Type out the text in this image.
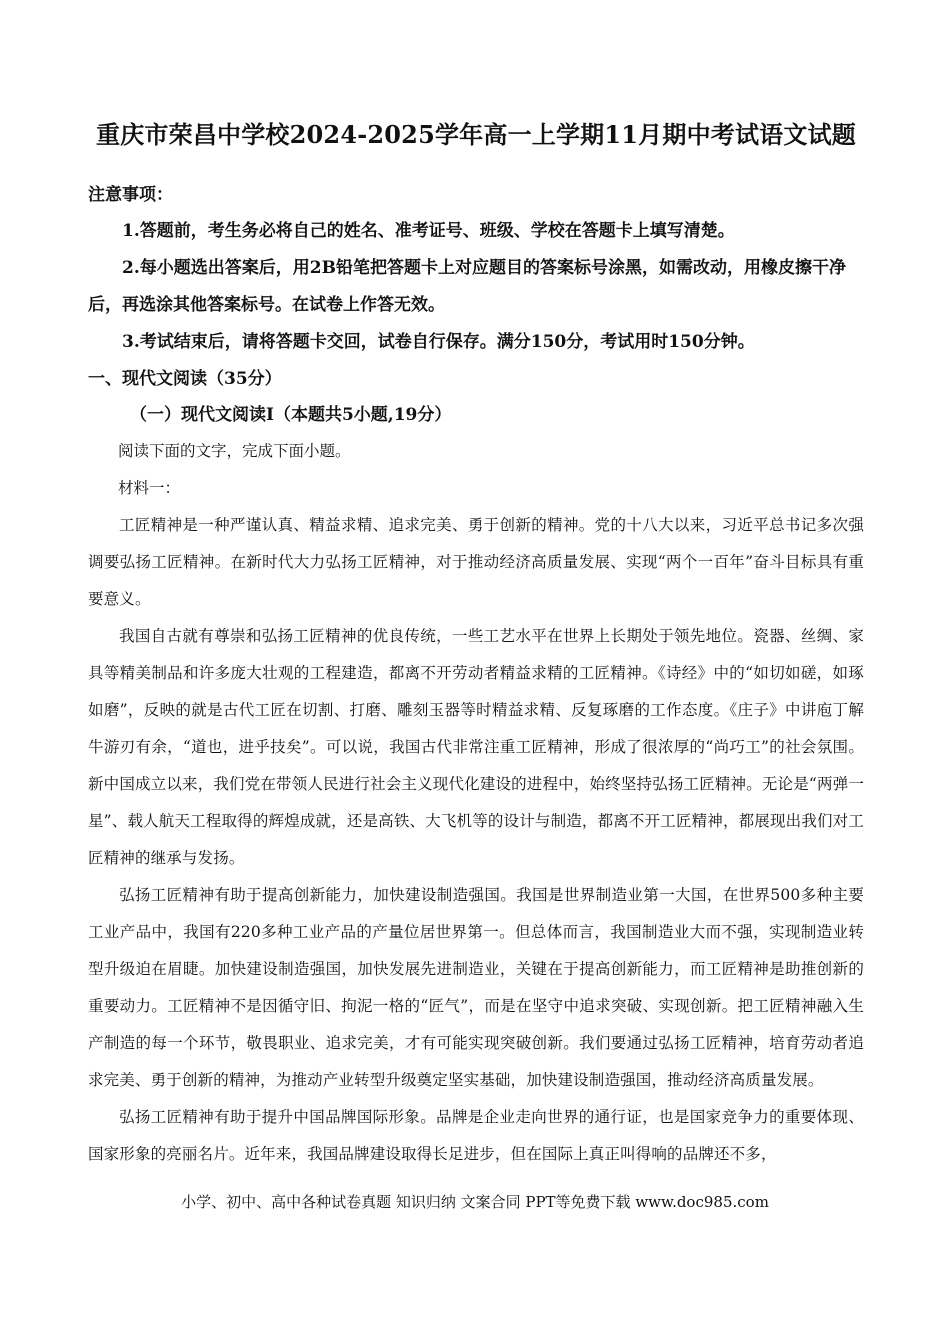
重庆市荣昌中学校2024-2025学年高一上学期11月期中考试语文试题

注意事项：

1.答题前，考生务必将自己的姓名、准考证号、班级、学校在答题卡上填写清楚。

2.每小题选出答案后，用2B铅笔把答题卡上对应题目的答案标号涂黑，如需改动，用橡皮擦干净后，再选涂其他答案标号。在试卷上作答无效。

3.考试结束后，请将答题卡交回，试卷自行保存。满分150分，考试用时150分钟。

一、现代文阅读（35分）

（一）现代文阅读Ⅰ（本题共5小题,19分）

阅读下面的文字，完成下面小题。

材料一：

工匠精神是一种严谨认真、精益求精、追求完美、勇于创新的精神。党的十八大以来，习近平总书记多次强调要弘扬工匠精神。在新时代大力弘扬工匠精神，对于推动经济高质量发展、实现“两个一百年”奋斗目标具有重要意义。

我国自古就有尊崇和弘扬工匠精神的优良传统，一些工艺水平在世界上长期处于领先地位。瓷器、丝绸、家具等精美制品和许多庞大壮观的工程建造，都离不开劳动者精益求精的工匠精神。《诗经》中的“如切如磋，如琢如磨”，反映的就是古代工匠在切割、打磨、雕刻玉器等时精益求精、反复琢磨的工作态度。《庄子》中讲庖丁解牛游刃有余，“道也，进乎技矣”。可以说，我国古代非常注重工匠精神，形成了很浓厚的“尚巧工”的社会氛围。新中国成立以来，我们党在带领人民进行社会主义现代化建设的进程中，始终坚持弘扬工匠精神。无论是“两弹一星”、载人航天工程取得的辉煌成就，还是高铁、大飞机等的设计与制造，都离不开工匠精神，都展现出我们对工匠精神的继承与发扬。

弘扬工匠精神有助于提高创新能力，加快建设制造强国。我国是世界制造业第一大国，在世界500多种主要工业产品中，我国有220多种工业产品的产量位居世界第一。但总体而言，我国制造业大而不强，实现制造业转型升级迫在眉睫。加快建设制造强国，加快发展先进制造业，关键在于提高创新能力，而工匠精神是助推创新的重要动力。工匠精神不是因循守旧、拘泥一格的“匠气”，而是在坚守中追求突破、实现创新。把工匠精神融入生产制造的每一个环节，敬畏职业、追求完美，才有可能实现突破创新。我们要通过弘扬工匠精神，培育劳动者追求完美、勇于创新的精神，为推动产业转型升级奠定坚实基础，加快建设制造强国，推动经济高质量发展。

弘扬工匠精神有助于提升中国品牌国际形象。品牌是企业走向世界的通行证，也是国家竞争力的重要体现、国家形象的亮丽名片。近年来，我国品牌建设取得长足进步，但在国际上真正叫得响的品牌还不多，

小学、初中、高中各种试卷真题 知识归纳 文案合同 PPT等免费下载 www.doc985.com
